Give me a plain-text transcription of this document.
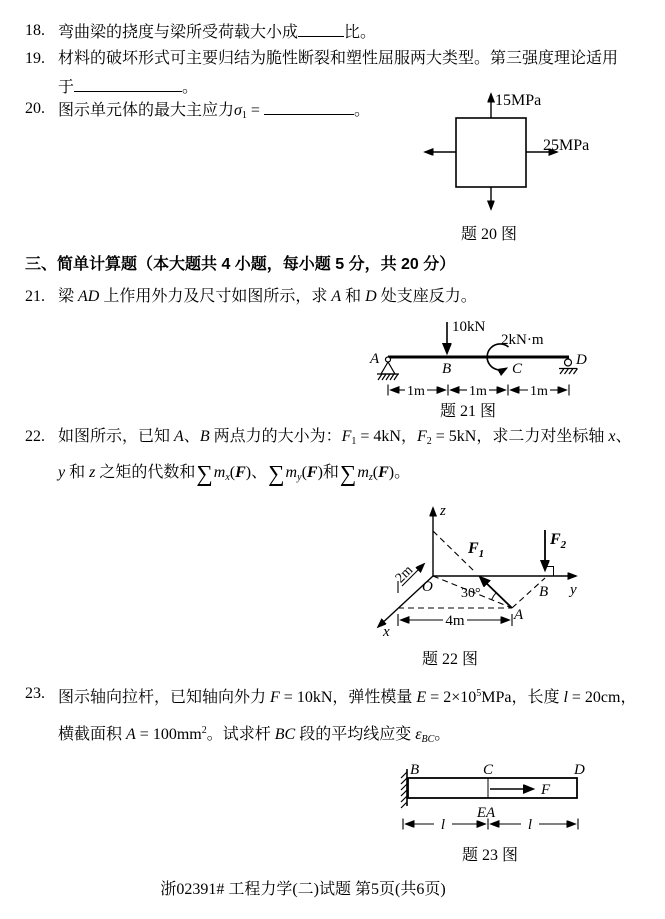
18. 弯曲梁的挠度与梁所受荷载大小成	比。
19. 材料的破坏形式可主要归结为脆性断裂和塑性屈服两大类型。第三强度理论适用
于	。
20. 图示单元体的最大主应力$\sigma_1$ =	。
15MPa
25MPa
题 20 图
三、简单计算题（本大题共 4 小题，每小题 5 分，共 20 分）
21. 梁 AD 上作用外力及尺寸如图所示，求 A 和 D 处支座反力。
10kN
2kN·m
A
B	C
D
1m	1m	1m
题 21 图
22. 如图所示，已知 A、B 两点力的大小为：$F_1 = 4kN$，$F_2 = 5kN$，求二力对坐标轴 x、
y 和 z 之矩的代数和∑mx(F)、∑my(F)和∑mz(F)。
$F_1$
30°
$F_2$
z
y
x
O
A
B
2m
4m
题 22 图
23. 图示轴向拉杆，已知轴向外力 F = 10kN，弹性模量 $E = 2\times 10^5MPa$，长度 l = 20cm，
横截面积 $A = 100mm^2$。试求杆 BC 段的平均线应变 εBC。
F
B	C	D
EA
l	l
题 23 图
浙02391# 工程力学(二)试题 第5页(共6页)
